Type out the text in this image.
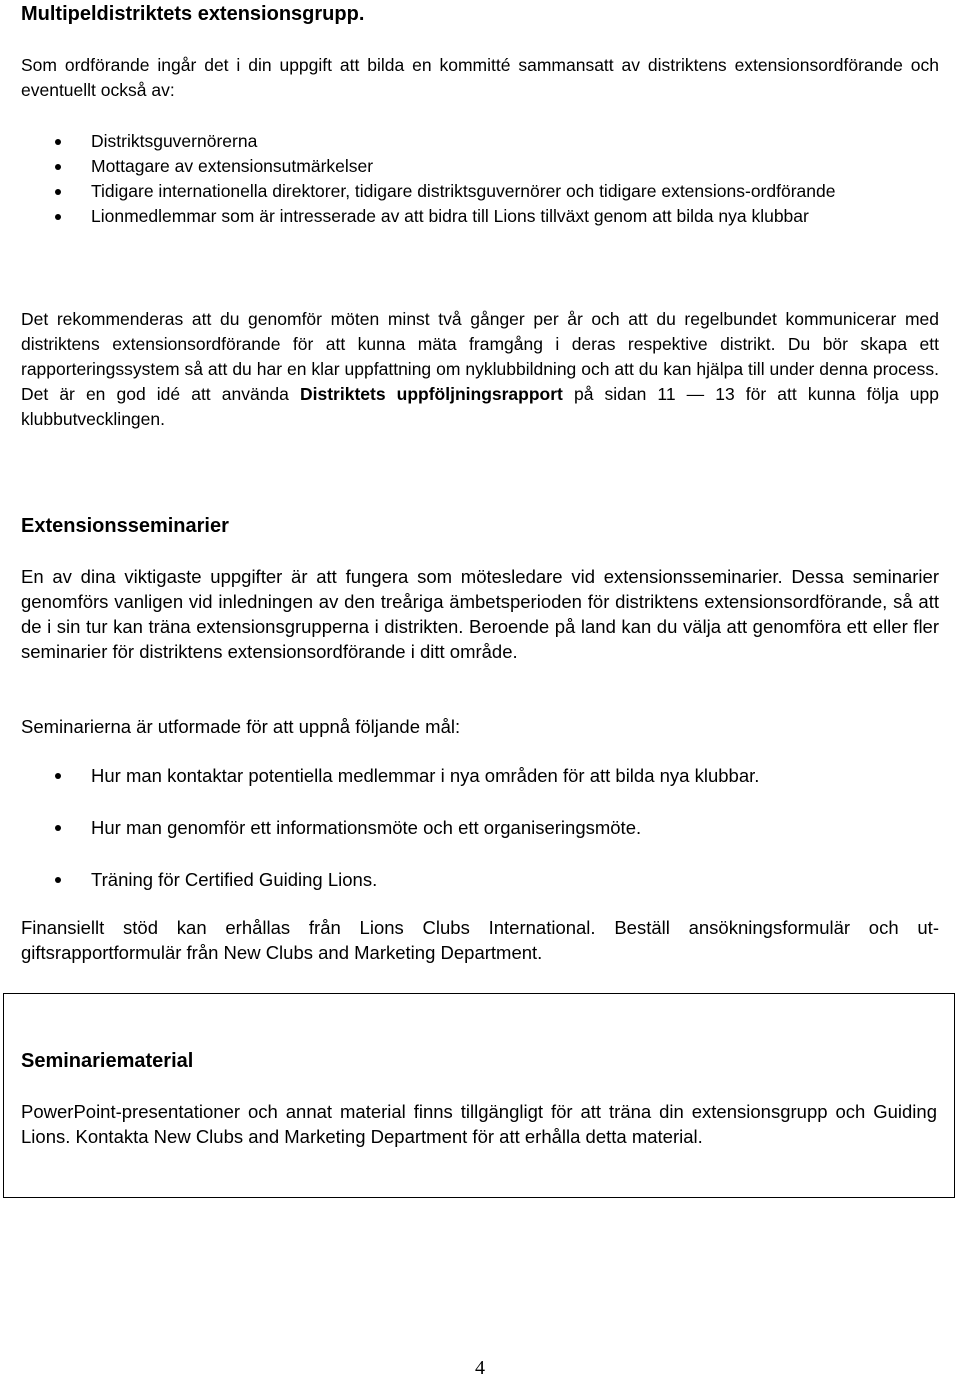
Multipeldistriktets extensionsgrupp.
Som ordförande ingår det i din uppgift att bilda en kommitté sammansatt av distriktens extensionsordförande och eventuellt också av:
Distriktsguvernörerna
Mottagare av extensionsutmärkelser
Tidigare internationella direktorer, tidigare distriktsguvernörer och tidigare extensions-ordförande
Lionmedlemmar som är intresserade av att bidra till Lions tillväxt genom att bilda nya klubbar
Det rekommenderas att du genomför möten minst två gånger per år och att du regelbundet kommunicerar med distriktens extensionsordförande för att kunna mäta framgång i deras respektive distrikt. Du bör skapa ett rapporteringssystem så att du har en klar uppfattning om nyklubbildning och att du kan hjälpa till under denna process. Det är en god idé att använda Distriktets uppföljningsrapport på sidan 11 — 13 för att kunna följa upp klubbutvecklingen.
Extensionsseminarier
En av dina viktigaste uppgifter är att fungera som mötesledare vid extensionsseminarier. Dessa seminarier genomförs vanligen vid inledningen av den treåriga ämbetsperioden för distriktens extensionsordförande, så att de i sin tur kan träna extensionsgrupperna i distrikten. Beroende på land kan du välja att genomföra ett eller fler seminarier för distriktens extensionsordförande i ditt område.
Seminarierna är utformade för att uppnå följande mål:
Hur man kontaktar potentiella medlemmar i nya områden för att bilda nya klubbar.
Hur man genomför ett informationsmöte och ett organiseringsmöte.
Träning för Certified Guiding Lions.
Finansiellt stöd kan erhållas från Lions Clubs International. Beställ ansökningsformulär och ut-giftsrapportformulär från New Clubs and Marketing Department.
Seminariematerial
PowerPoint-presentationer och annat material finns tillgängligt för att träna din extensionsgrupp och Guiding Lions. Kontakta New Clubs and Marketing Department för att erhålla detta material.
4
